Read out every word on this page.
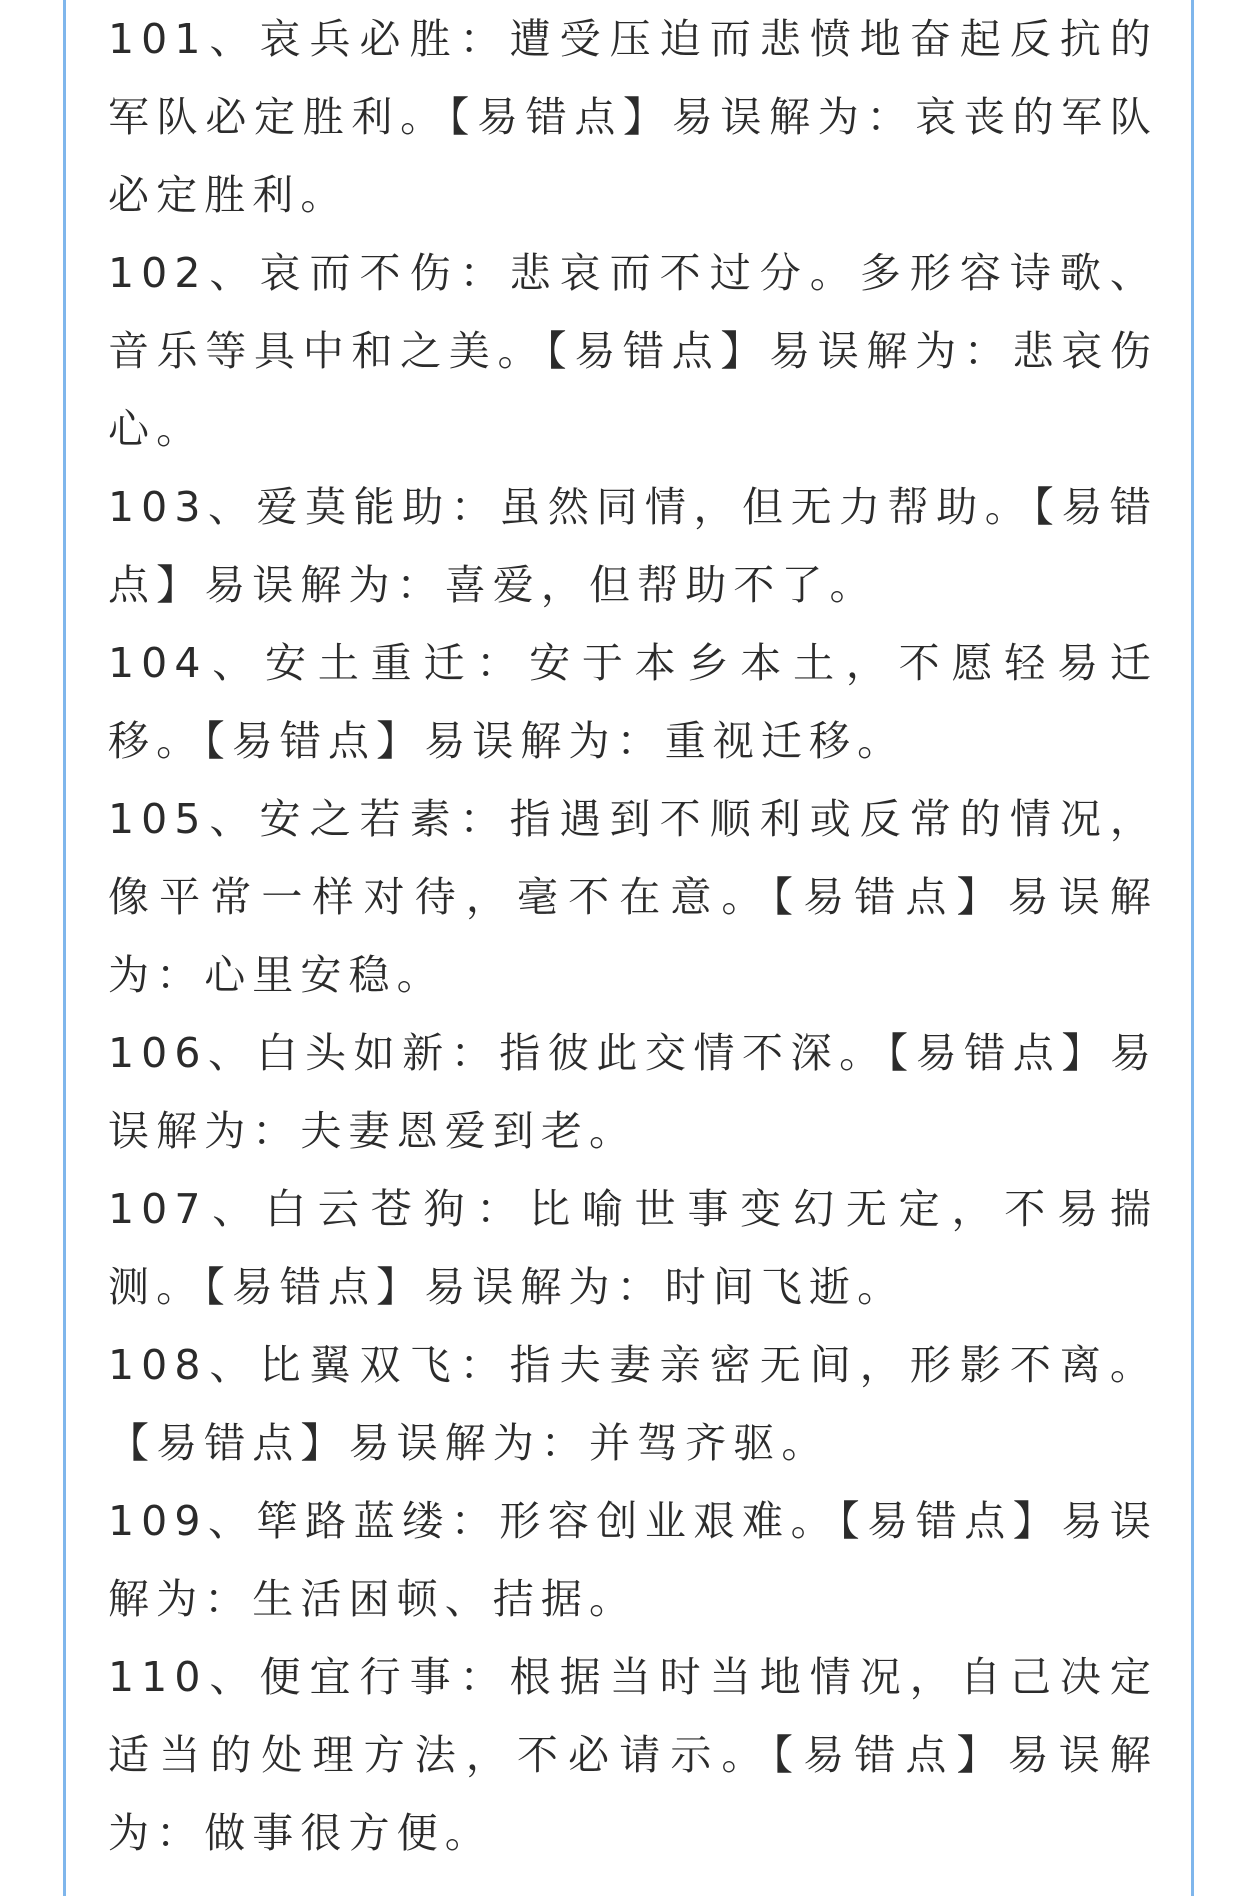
101、哀兵必胜：遭受压迫而悲愤地奋起反抗的军队必定胜利。【易错点】易误解为：哀丧的军队必定胜利。

102、哀而不伤：悲哀而不过分。多形容诗歌、音乐等具中和之美。【易错点】易误解为：悲哀伤心。

103、爱莫能助：虽然同情，但无力帮助。【易错点】易误解为：喜爱，但帮助不了。

104、安土重迁：安于本乡本土，不愿轻易迁移。【易错点】易误解为：重视迁移。

105、安之若素：指遇到不顺利或反常的情况，像平常一样对待，毫不在意。【易错点】易误解为：心里安稳。

106、白头如新：指彼此交情不深。【易错点】易误解为：夫妻恩爱到老。

107、白云苍狗：比喻世事变幻无定，不易揣测。【易错点】易误解为：时间飞逝。

108、比翼双飞：指夫妻亲密无间，形影不离。【易错点】易误解为：并驾齐驱。

109、筚路蓝缕：形容创业艰难。【易错点】易误解为：生活困顿、拮据。

110、便宜行事：根据当时当地情况，自己决定适当的处理方法，不必请示。【易错点】易误解为：做事很方便。
